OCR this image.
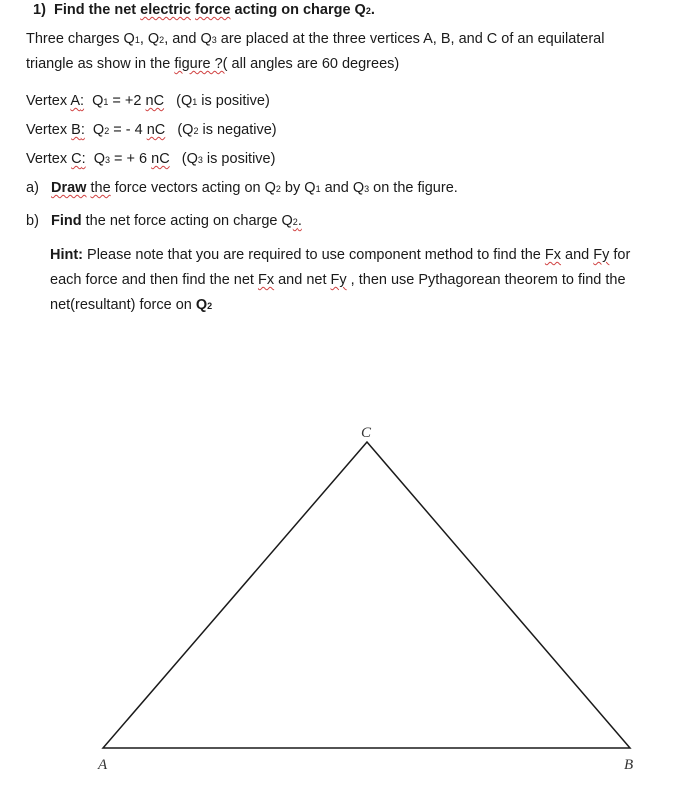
1) Find the net electric force acting on charge Q2.
Three charges Q1, Q2, and Q3 are placed at the three vertices A, B, and C of an equilateral
triangle as show in the figure ?( all angles are 60 degrees)
Vertex A: Q1 = +2 nC (Q1 is positive)
Vertex B: Q2 = - 4 nC (Q2 is negative)
Vertex C: Q3 = + 6 nC (Q3 is positive)
a) Draw the force vectors acting on Q2 by Q1 and Q3 on the figure.
b) Find the net force acting on charge Q2.
Hint: Please note that you are required to use component method to find the Fx and Fy for
each force and then find the net Fx and net Fy , then use Pythagorean theorem to find the
net(resultant) force on Q2
C
A	B
